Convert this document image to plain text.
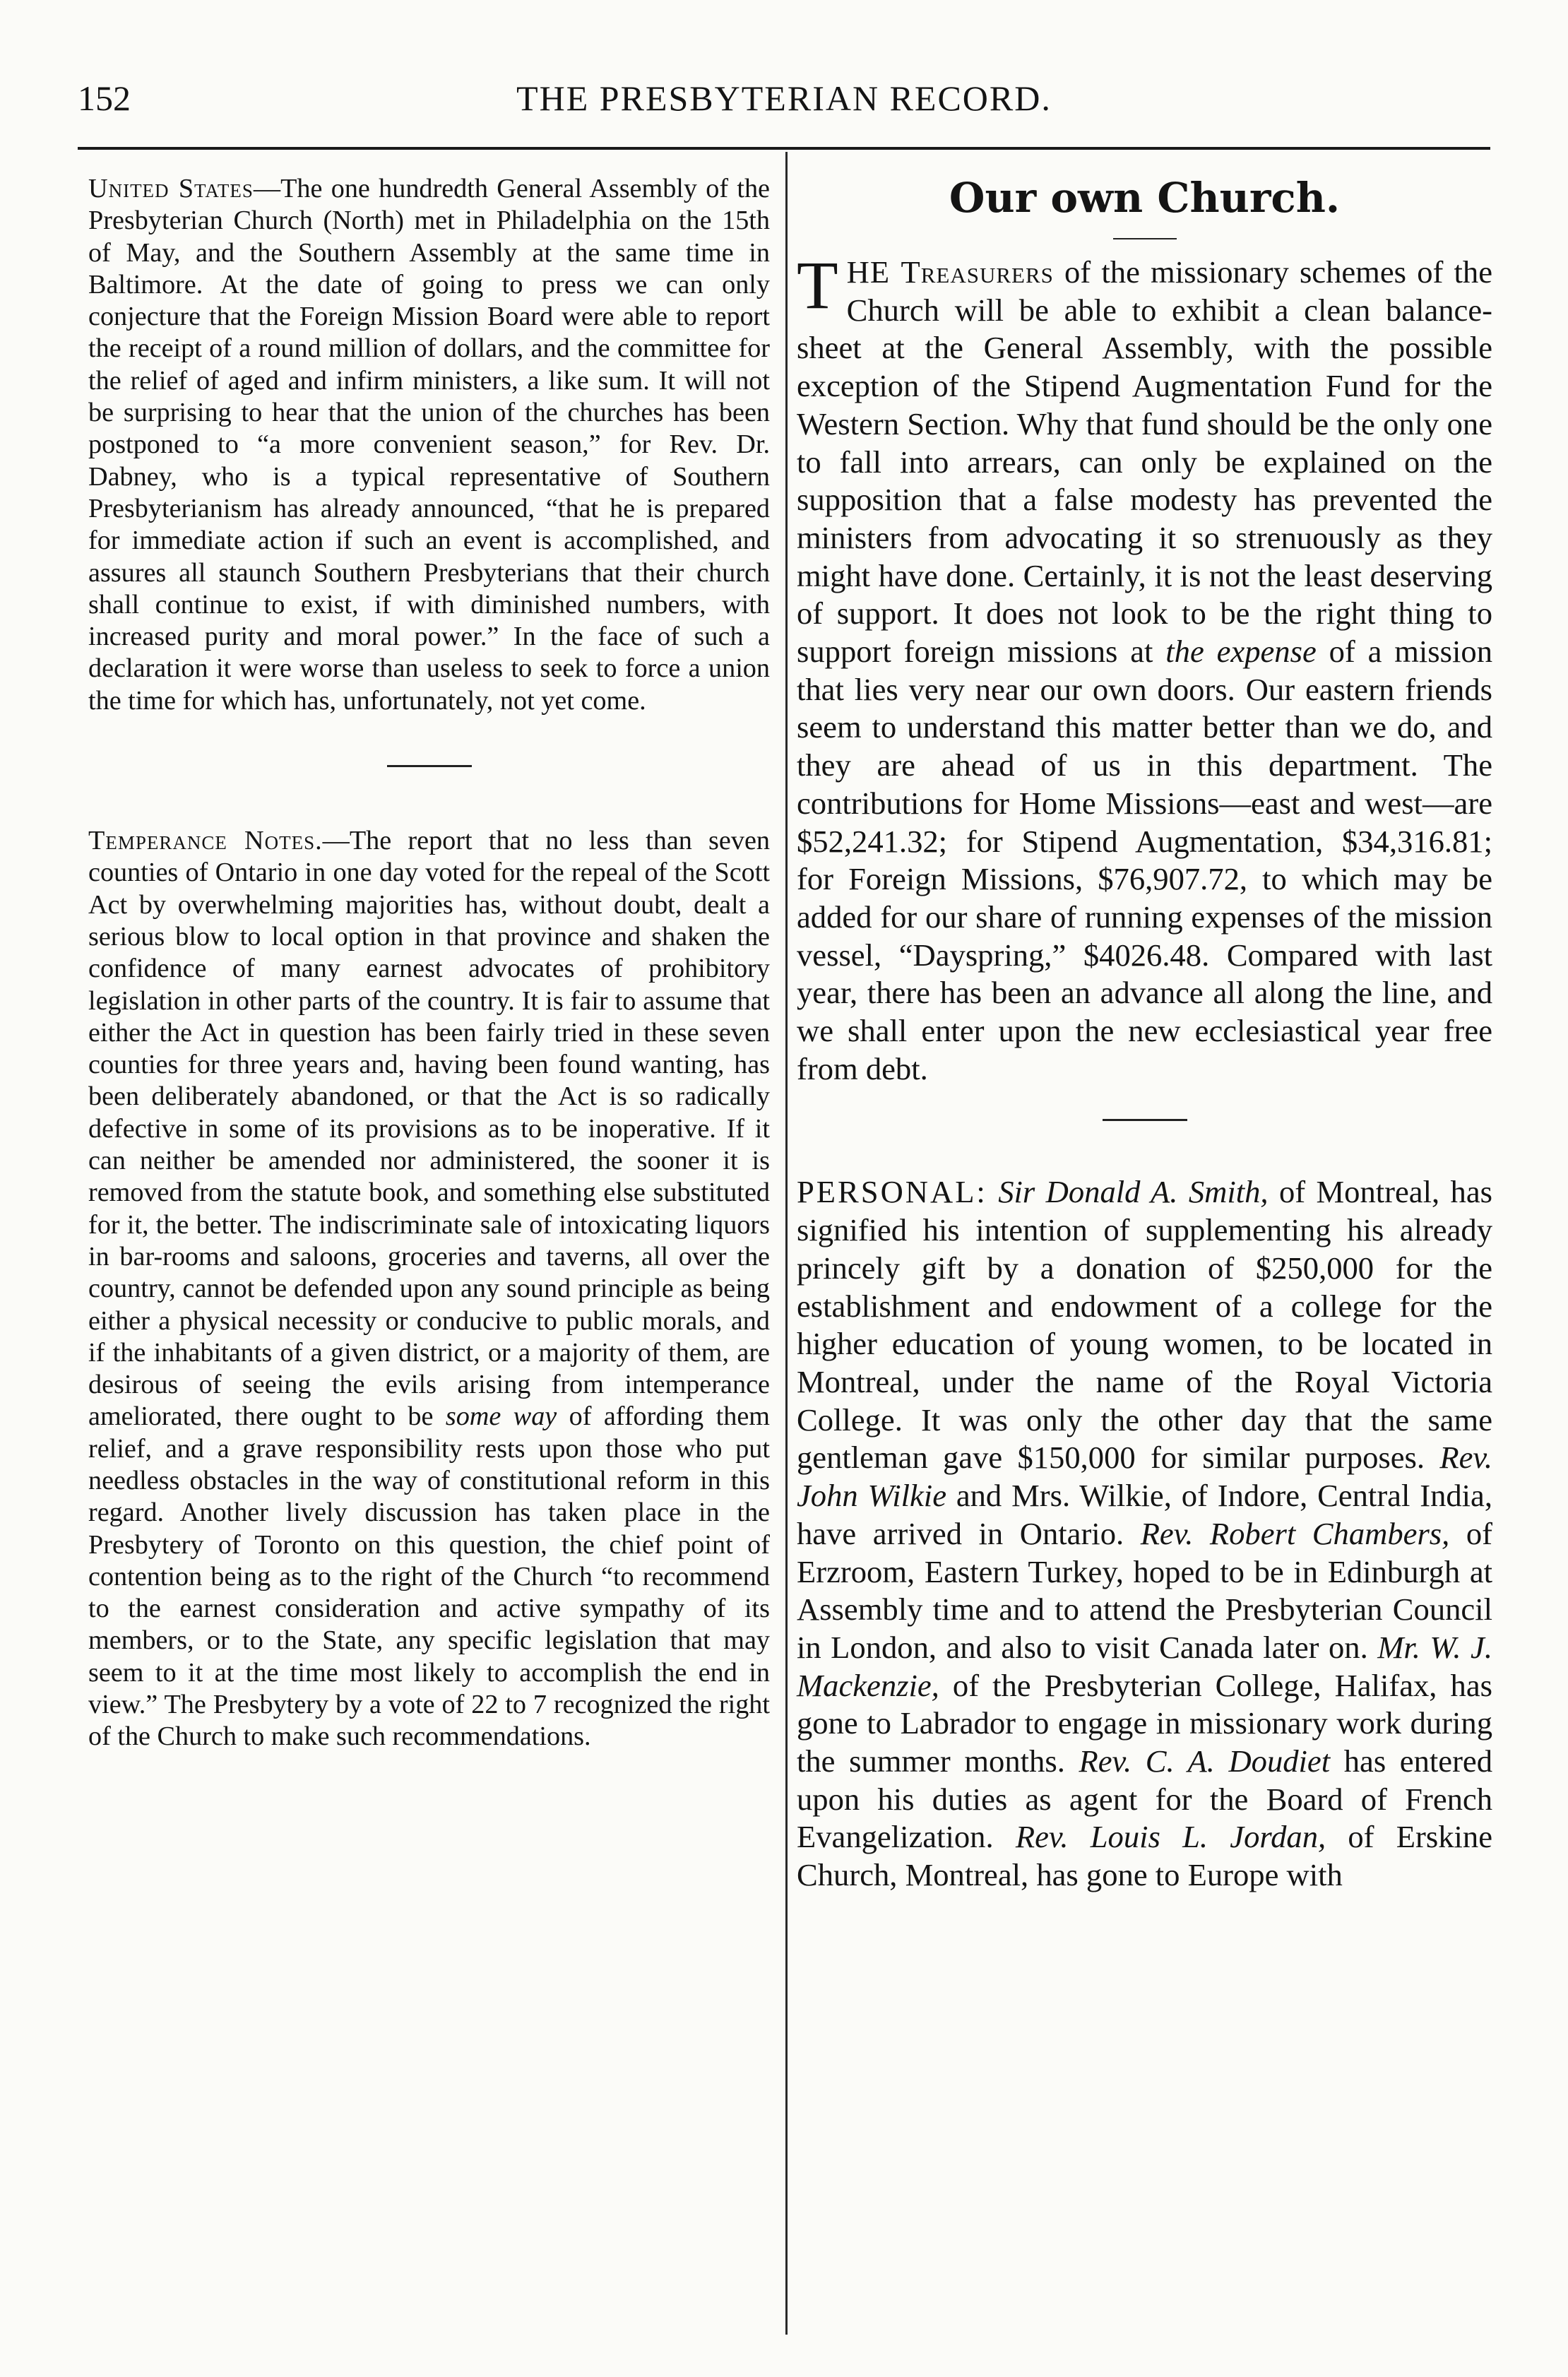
152	THE PRESBYTERIAN RECORD.

United States—The one hundredth General Assembly of the Presbyterian Church (North) met in Philadelphia on the 15th of May, and the Southern Assembly at the same time in Baltimore. At the date of going to press we can only conjecture that the Foreign Mission Board were able to report the receipt of a round million of dollars, and the committee for the relief of aged and infirm ministers, a like sum. It will not be surprising to hear that the union of the churches has been postponed to “a more convenient season,” for Rev. Dr. Dabney, who is a typical representative of Southern Presbyterianism has already announced, “that he is prepared for immediate action if such an event is accomplished, and assures all staunch Southern Presbyterians that their church shall continue to exist, if with diminished numbers, with increased purity and moral power.” In the face of such a declaration it were worse than useless to seek to force a union the time for which has, unfortunately, not yet come.

Temperance Notes.—The report that no less than seven counties of Ontario in one day voted for the repeal of the Scott Act by overwhelming majorities has, without doubt, dealt a serious blow to local option in that province and shaken the confidence of many earnest advocates of prohibitory legislation in other parts of the country. It is fair to assume that either the Act in question has been fairly tried in these seven counties for three years and, having been found wanting, has been deliberately abandoned, or that the Act is so radically defective in some of its provisions as to be inoperative. If it can neither be amended nor administered, the sooner it is removed from the statute book, and something else substituted for it, the better. The indiscriminate sale of intoxicating liquors in bar-rooms and saloons, groceries and taverns, all over the country, cannot be defended upon any sound principle as being either a physical necessity or conducive to public morals, and if the inhabitants of a given district, or a majority of them, are desirous of seeing the evils arising from intemperance ameliorated, there ought to be some way of affording them relief, and a grave responsibility rests upon those who put needless obstacles in the way of constitutional reform in this regard. Another lively discussion has taken place in the Presbytery of Toronto on this question, the chief point of contention being as to the right of the Church “to recommend to the earnest consideration and active sympathy of its members, or to the State, any specific legislation that may seem to it at the time most likely to accomplish the end in view.” The Presbytery by a vote of 22 to 7 recognized the right of the Church to make such recommendations.

Our own Church.

THE Treasurers of the missionary schemes of the Church will be able to exhibit a clean balance-sheet at the General Assembly, with the possible exception of the Stipend Augmentation Fund for the Western Section. Why that fund should be the only one to fall into arrears, can only be explained on the supposition that a false modesty has prevented the ministers from advocating it so strenuously as they might have done. Certainly, it is not the least deserving of support. It does not look to be the right thing to support foreign missions at the expense of a mission that lies very near our own doors. Our eastern friends seem to understand this matter better than we do, and they are ahead of us in this department. The contributions for Home Missions—east and west—are $52,241.32; for Stipend Augmentation, $34,316.81; for Foreign Missions, $76,907.72, to which may be added for our share of running expenses of the mission vessel, “Dayspring,” $4026.48. Compared with last year, there has been an advance all along the line, and we shall enter upon the new ecclesiastical year free from debt.

PERSONAL: Sir Donald A. Smith, of Montreal, has signified his intention of supplementing his already princely gift by a donation of $250,000 for the establishment and endowment of a college for the higher education of young women, to be located in Montreal, under the name of the Royal Victoria College. It was only the other day that the same gentleman gave $150,000 for similar purposes. Rev. John Wilkie and Mrs. Wilkie, of Indore, Central India, have arrived in Ontario. Rev. Robert Chambers, of Erzroom, Eastern Turkey, hoped to be in Edinburgh at Assembly time and to attend the Presbyterian Council in London, and also to visit Canada later on. Mr. W. J. Mackenzie, of the Presbyterian College, Halifax, has gone to Labrador to engage in missionary work during the summer months. Rev. C. A. Doudiet has entered upon his duties as agent for the Board of French Evangelization. Rev. Louis L. Jordan, of Erskine Church, Montreal, has gone to Europe with
